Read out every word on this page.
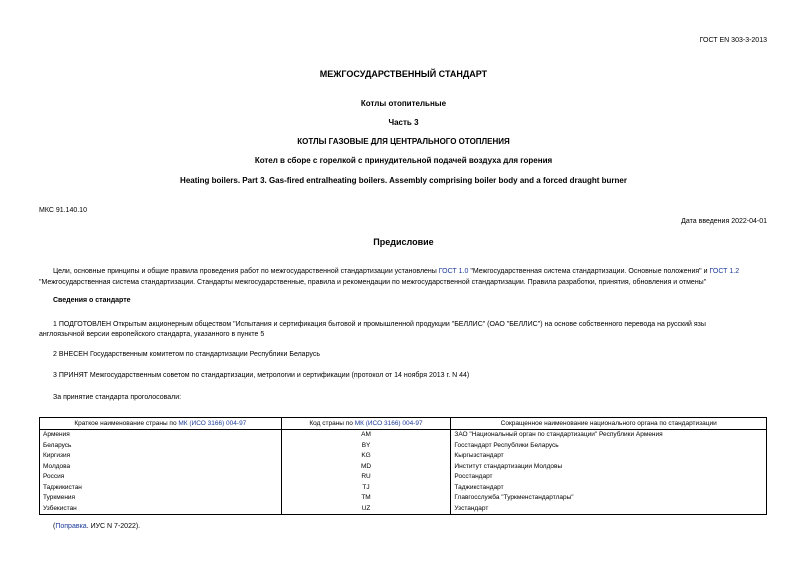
ГОСТ EN 303-3-2013
МЕЖГОСУДАРСТВЕННЫЙ СТАНДАРТ
Котлы отопительные
Часть 3
КОТЛЫ ГАЗОВЫЕ ДЛЯ ЦЕНТРАЛЬНОГО ОТОПЛЕНИЯ
Котел в сборе с горелкой с принудительной подачей воздуха для горения
Heating boilers. Part 3. Gas-fired entralheating boilers. Assembly comprising boiler body and a forced draught burner
МКС 91.140.10
Дата введения 2022-04-01
Предисловие
Цели, основные принципы и общие правила проведения работ по межгосударственной стандартизации установлены ГОСТ 1.0 "Межгосударственная система стандартизации. Основные положения" и ГОСТ 1.2
"Межгосударственная система стандартизации. Стандарты межгосударственные, правила и рекомендации по межгосударственной стандартизации. Правила разработки, принятия, обновления и отмены"
Сведения о стандарте
1 ПОДГОТОВЛЕН Открытым акционерным обществом "Испытания и сертификация бытовой и промышленной продукции "БЕЛЛИС" (ОАО "БЕЛЛИС") на основе собственного перевода на русский язы
англоязычной версии европейского стандарта, указанного в пункте 5
2 ВНЕСЕН Государственным комитетом по стандартизации Республики Беларусь
3 ПРИНЯТ Межгосударственным советом по стандартизации, метрологии и сертификации (протокол от 14 ноября 2013 г. N 44)
За принятие стандарта проголосовали:
Краткое наименование страны по МК (ИСО 3166) 004-97	Код страны по МК (ИСО 3166) 004-97	Сокращенное наименование национального органа по стандартизации
Армения	AM	ЗАО "Национальный орган по стандартизации" Республики Армения
Беларусь	BY	Госстандарт Республики Беларусь
Киргизия	KG	Кыргызстандарт
Молдова	MD	Институт стандартизации Молдовы
Россия	RU	Росстандарт
Таджикистан	TJ	Таджикстандарт
Туркмения	TM	Главгосслужба "Туркменстандартлары"
Узбекистан	UZ	Узстандарт
(Поправка. ИУС N 7-2022).
